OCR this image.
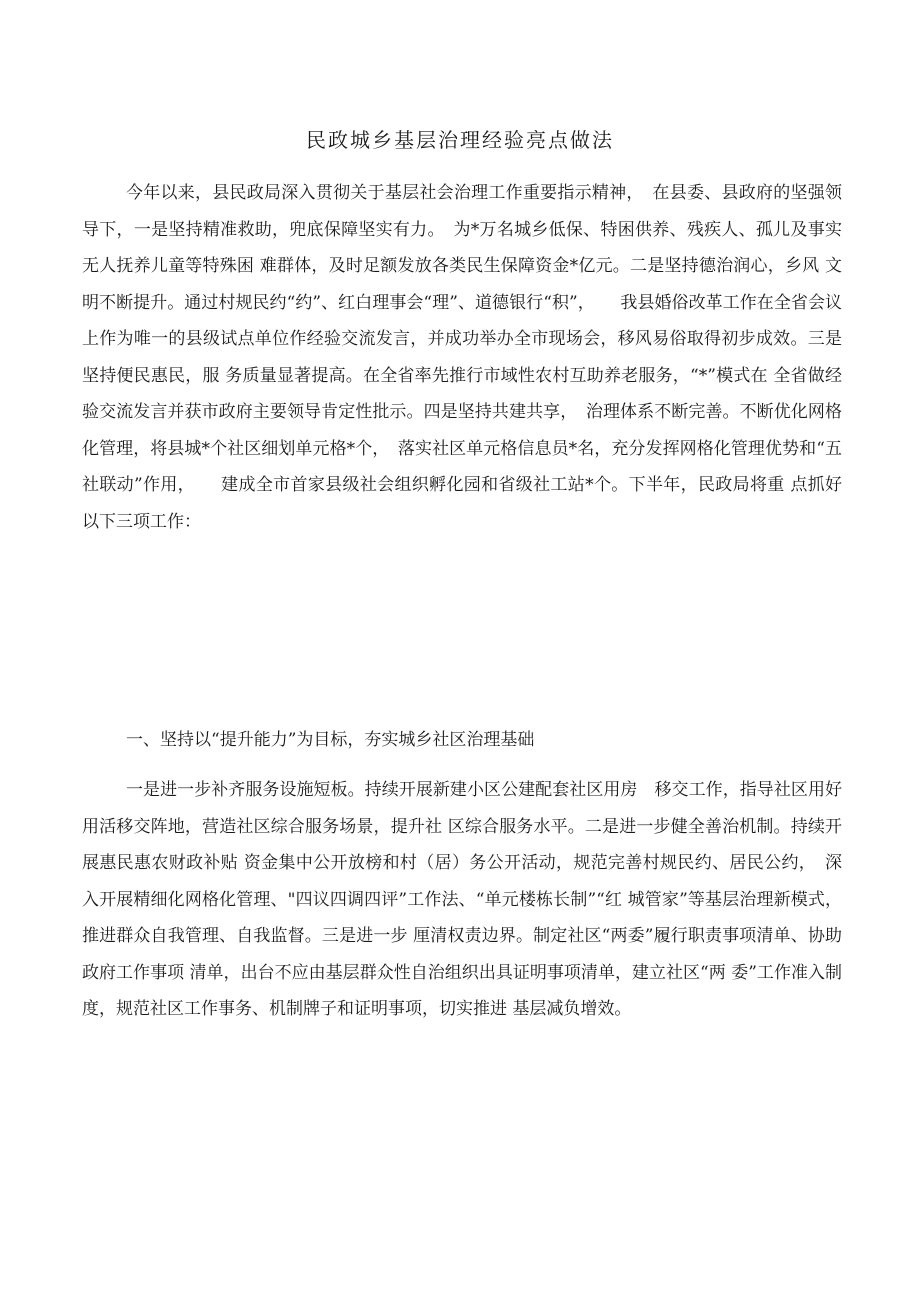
民政城乡基层治理经验亮点做法

今年以来，县民政局深入贯彻关于基层社会治理工作重要指示精神，　在县委、县政府的坚强领导下，一是坚持精准救助，兜底保障坚实有力。　为*万名城乡低保、特困供养、残疾人、孤儿及事实无人抚养儿童等特殊困 难群体，及时足额发放各类民生保障资金*亿元。二是坚持德治润心，乡风 文明不断提升。通过村规民约“约”、红白理事会“理”、道德银行“积”，　　我县婚俗改革工作在全省会议上作为唯一的县级试点单位作经验交流发言，并成功举办全市现场会，移风易俗取得初步成效。三是坚持便民惠民，服 务质量显著提高。在全省率先推行市域性农村互助养老服务，“*”模式在 全省做经验交流发言并获市政府主要领导肯定性批示。四是坚持共建共享，　治理体系不断完善。不断优化网格化管理，将县城*个社区细划单元格*个，　落实社区单元格信息员*名，充分发挥网格化管理优势和“五社联动”作用，　　建成全市首家县级社会组织孵化园和省级社工站*个。下半年，民政局将重 点抓好以下三项工作：

一、坚持以“提升能力”为目标，夯实城乡社区治理基础

一是进一步补齐服务设施短板。持续开展新建小区公建配套社区用房　移交工作，指导社区用好用活移交阵地，营造社区综合服务场景，提升社 区综合服务水平。二是进一步健全善治机制。持续开展惠民惠农财政补贴 资金集中公开放榜和村（居）务公开活动，规范完善村规民约、居民公约，　深入开展精细化网格化管理、"四议四调四评”工作法、“单元楼栋长制”“红 城管家”等基层治理新模式，推进群众自我管理、自我监督。三是进一步 厘清权责边界。制定社区“两委”履行职责事项清单、协助政府工作事项 清单，出台不应由基层群众性自治组织出具证明事项清单，建立社区“两 委”工作准入制度，规范社区工作事务、机制牌子和证明事项，切实推进 基层减负增效。
